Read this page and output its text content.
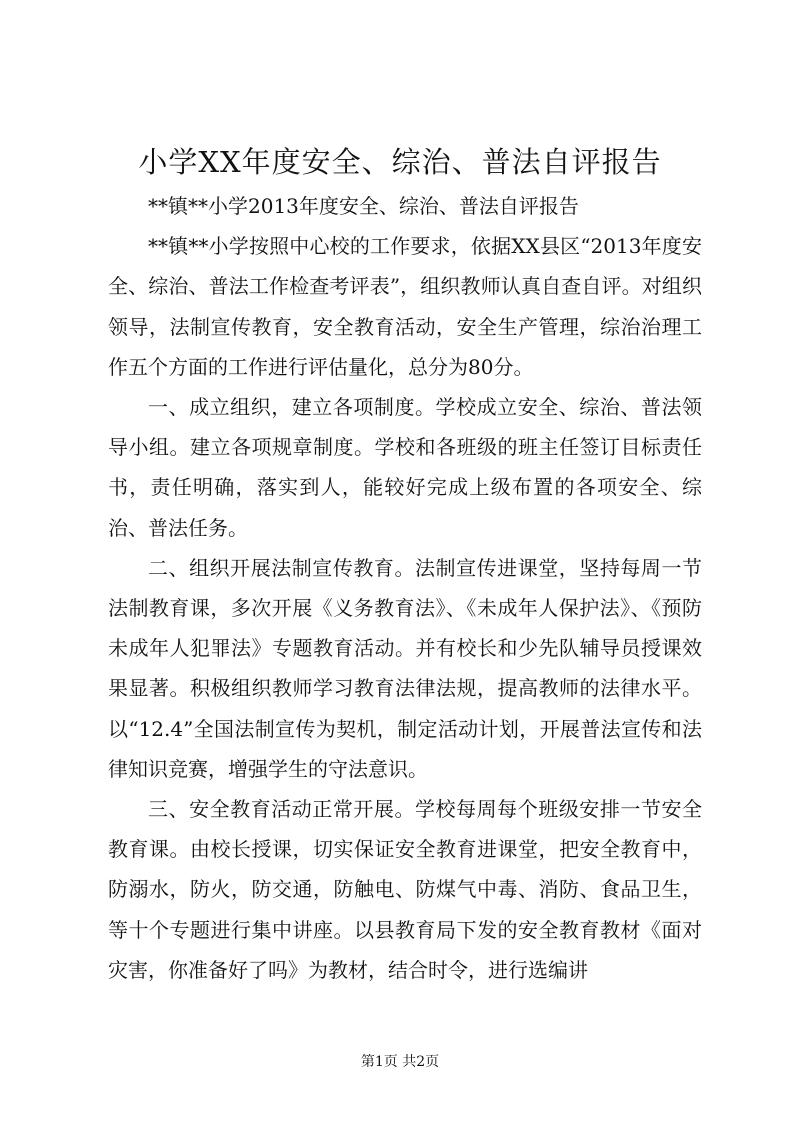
小学XX年度安全、综治、普法自评报告

**镇**小学2013年度安全、综治、普法自评报告

**镇**小学按照中心校的工作要求，依据XX县区“2013年度安全、综治、普法工作检查考评表”，组织教师认真自查自评。对组织领导，法制宣传教育，安全教育活动，安全生产管理，综治治理工作五个方面的工作进行评估量化，总分为80分。

一、成立组织，建立各项制度。学校成立安全、综治、普法领导小组。建立各项规章制度。学校和各班级的班主任签订目标责任书，责任明确，落实到人，能较好完成上级布置的各项安全、综治、普法任务。

二、组织开展法制宣传教育。法制宣传进课堂，坚持每周一节法制教育课，多次开展《义务教育法》、《未成年人保护法》、《预防未成年人犯罪法》专题教育活动。并有校长和少先队辅导员授课效果显著。积极组织教师学习教育法律法规，提高教师的法律水平。以“12.4”全国法制宣传为契机，制定活动计划，开展普法宣传和法律知识竞赛，增强学生的守法意识。

三、安全教育活动正常开展。学校每周每个班级安排一节安全教育课。由校长授课，切实保证安全教育进课堂，把安全教育中，防溺水，防火，防交通，防触电、防煤气中毒、消防、食品卫生，等十个专题进行集中讲座。以县教育局下发的安全教育教材《面对灾害，你准备好了吗》为教材，结合时令，进行选编讲

第1页 共2页
